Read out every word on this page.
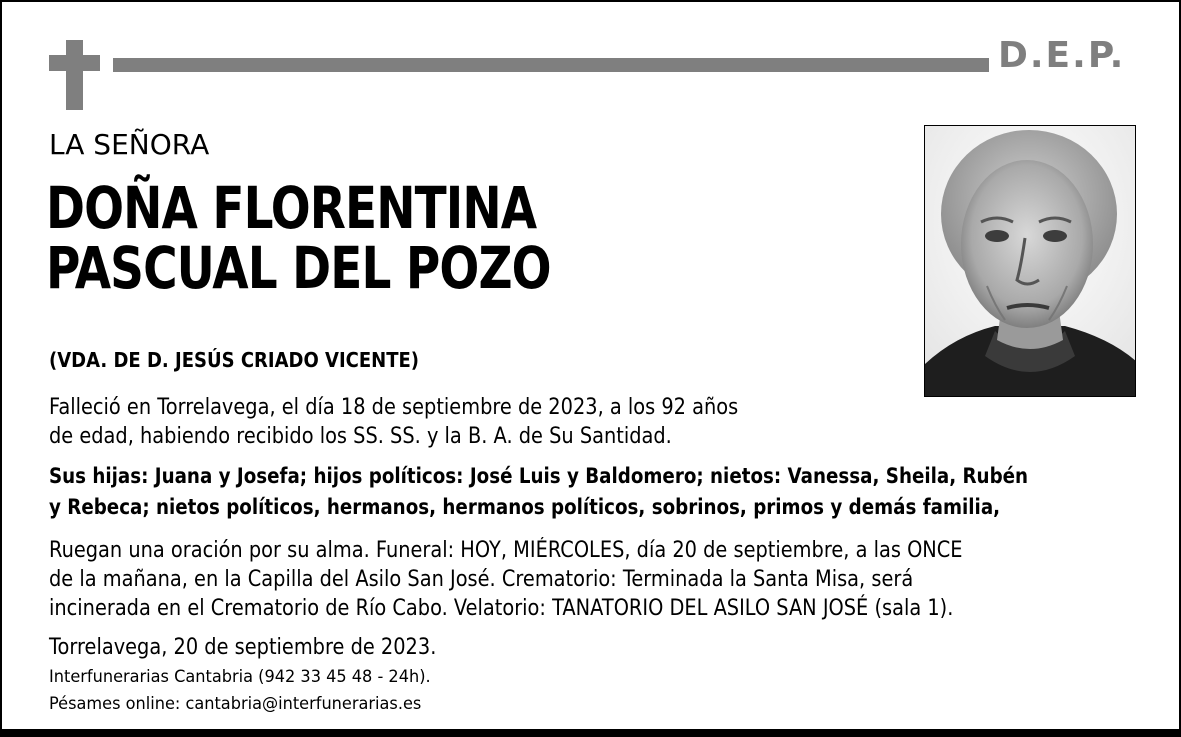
D.E.P.
LA SEÑORA
DOÑA FLORENTINA
PASCUAL DEL POZO
(VDA. DE D. JESÚS CRIADO VICENTE)
Falleció en Torrelavega, el día 18 de septiembre de 2023, a los 92 años
de edad, habiendo recibido los SS. SS. y la B. A. de Su Santidad.
Sus hijas: Juana y Josefa; hijos políticos: José Luis y Baldomero; nietos: Vanessa, Sheila, Rubén
y Rebeca; nietos políticos, hermanos, hermanos políticos, sobrinos, primos y demás familia,
Ruegan una oración por su alma. Funeral: HOY, MIÉRCOLES, día 20 de septiembre, a las ONCE
de la mañana, en la Capilla del Asilo San José. Crematorio: Terminada la Santa Misa, será
incinerada en el Crematorio de Río Cabo. Velatorio: TANATORIO DEL ASILO SAN JOSÉ (sala 1).
Torrelavega, 20 de septiembre de 2023.
Interfunerarias Cantabria (942 33 45 48 - 24h).
Pésames online: cantabria@interfunerarias.es
